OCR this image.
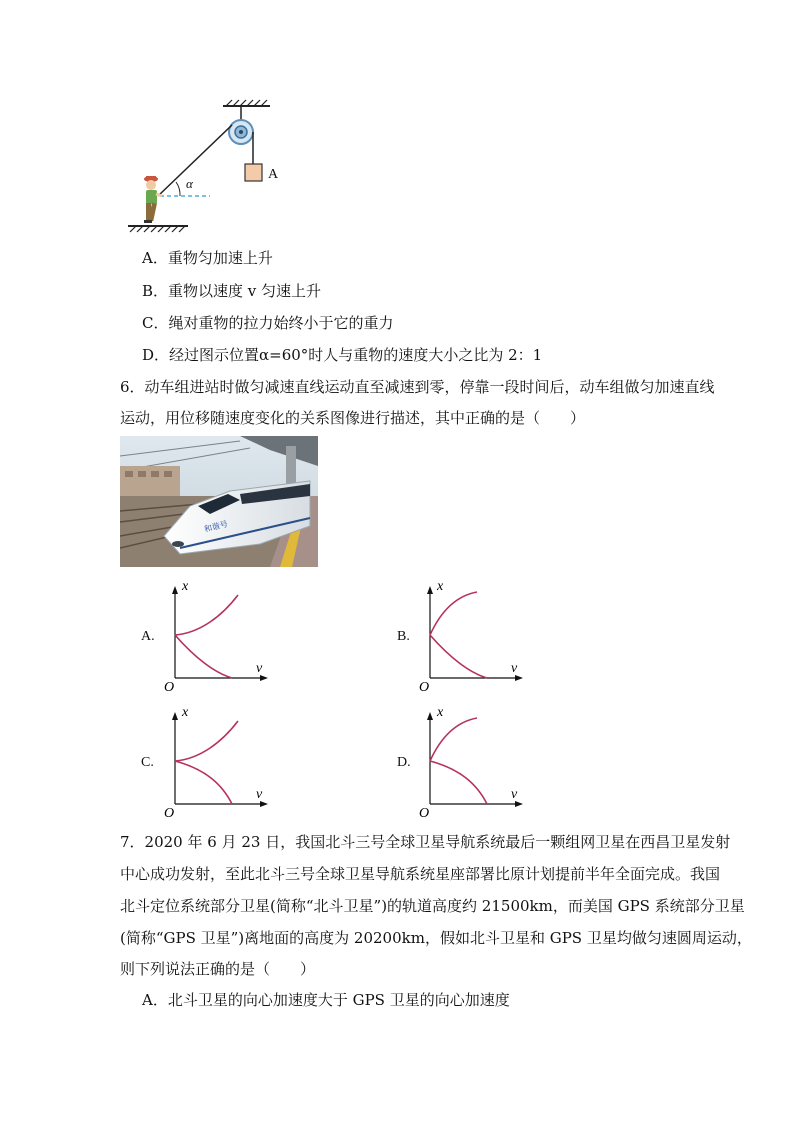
A
α
A．重物匀加速上升
B．重物以速度 v 匀速上升
C．绳对重物的拉力始终小于它的重力
D．经过图示位置α=60°时人与重物的速度大小之比为 2：1
6．动车组进站时做匀减速直线运动直至减速到零，停靠一段时间后，动车组做匀加速直线
运动，用位移随速度变化的关系图像进行描述，其中正确的是（　　）
和谐号
A.
x
v
O
B.
x
v
O
C.
x
v
O
D.
x
v
O
7．2020 年 6 月 23 日，我国北斗三号全球卫星导航系统最后一颗组网卫星在西昌卫星发射
中心成功发射，至此北斗三号全球卫星导航系统星座部署比原计划提前半年全面完成。我国
北斗定位系统部分卫星(简称“北斗卫星”)的轨道高度约 21500km，而美国 GPS 系统部分卫星
(简称“GPS 卫星”)离地面的高度为 20200km，假如北斗卫星和 GPS 卫星均做匀速圆周运动，
则下列说法正确的是（　　）
A．北斗卫星的向心加速度大于 GPS 卫星的向心加速度
